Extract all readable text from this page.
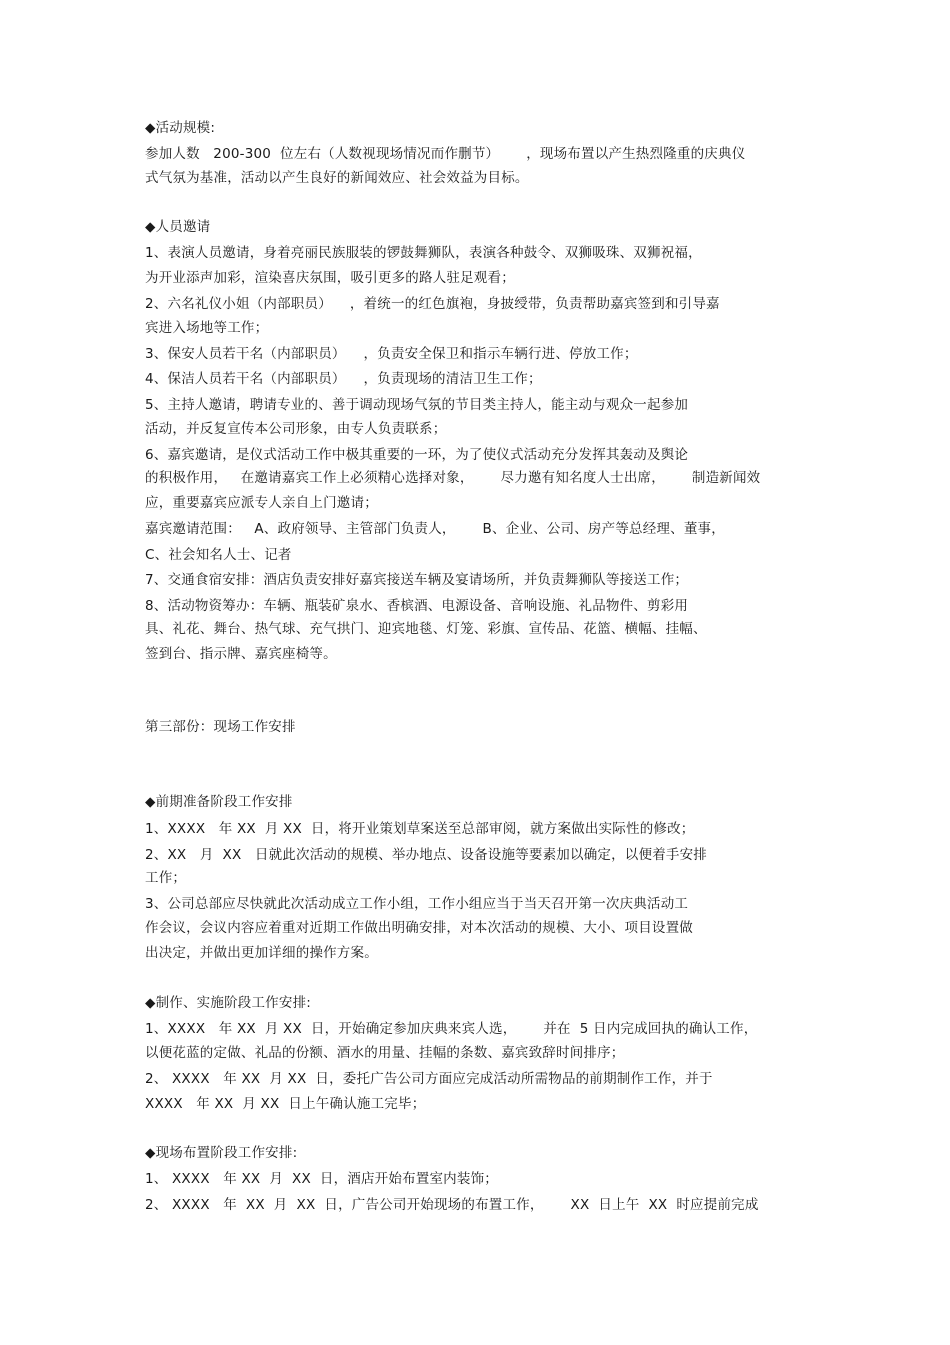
◆活动规模:
参加人数   200-300  位左右（人数视现场情况而作删节）      ，现场布置以产生热烈隆重的庆典仪
式气氛为基准，活动以产生良好的新闻效应、社会效益为目标。
◆人员邀请
1、表演人员邀请，身着亮丽民族服装的锣鼓舞狮队，表演各种鼓令、双狮吸珠、双狮祝福，
为开业添声加彩，渲染喜庆氛围，吸引更多的路人驻足观看；
2、六名礼仪小姐（内部职员）    ，着统一的红色旗袍，身披绶带，负责帮助嘉宾签到和引导嘉
宾进入场地等工作；
3、保安人员若干名（内部职员）    ，负责安全保卫和指示车辆行进、停放工作；
4、保洁人员若干名（内部职员）    ，负责现场的清洁卫生工作；
5、主持人邀请，聘请专业的、善于调动现场气氛的节目类主持人，能主动与观众一起参加
活动，并反复宣传本公司形象，由专人负责联系；
6、嘉宾邀请，是仪式活动工作中极其重要的一环，为了使仪式活动充分发挥其轰动及舆论
的积极作用，   在邀请嘉宾工作上必须精心选择对象，      尽力邀有知名度人士出席，      制造新闻效
应，重要嘉宾应派专人亲自上门邀请；
嘉宾邀请范围：   A、政府领导、主管部门负责人，      B、企业、公司、房产等总经理、董事，
C、社会知名人士、记者
7、交通食宿安排：酒店负责安排好嘉宾接送车辆及宴请场所，并负责舞狮队等接送工作；
8、活动物资筹办：车辆、瓶装矿泉水、香槟酒、电源设备、音响设施、礼品物件、剪彩用
具、礼花、舞台、热气球、充气拱门、迎宾地毯、灯笼、彩旗、宣传品、花篮、横幅、挂幅、
签到台、指示牌、嘉宾座椅等。
第三部份：现场工作安排
◆前期准备阶段工作安排
1、XXXX   年 XX  月 XX  日，将开业策划草案送至总部审阅，就方案做出实际性的修改；
2、XX   月  XX   日就此次活动的规模、举办地点、设备设施等要素加以确定，以便着手安排
工作；
3、公司总部应尽快就此次活动成立工作小组，工作小组应当于当天召开第一次庆典活动工
作会议，会议内容应着重对近期工作做出明确安排，对本次活动的规模、大小、项目设置做
出决定，并做出更加详细的操作方案。
◆制作、实施阶段工作安排:
1、XXXX   年 XX  月 XX  日，开始确定参加庆典来宾人选，      并在  5 日内完成回执的确认工作，
以便花蓝的定做、礼品的份额、酒水的用量、挂幅的条数、嘉宾致辞时间排序；
2、 XXXX   年 XX  月 XX  日，委托广告公司方面应完成活动所需物品的前期制作工作，并于
XXXX   年 XX  月 XX  日上午确认施工完毕；
◆现场布置阶段工作安排:
1、 XXXX   年 XX  月  XX  日，酒店开始布置室内装饰；
2、 XXXX   年  XX  月  XX  日，广告公司开始现场的布置工作，      XX  日上午  XX  时应提前完成
